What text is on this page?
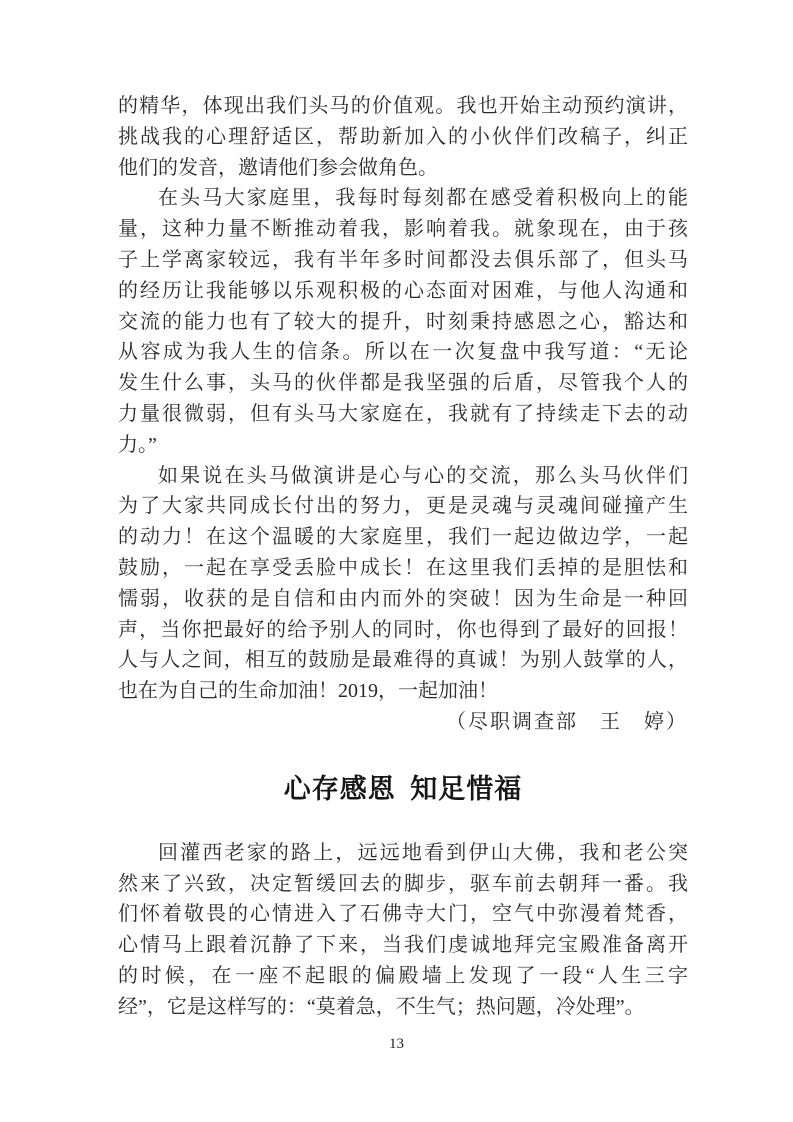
的精华，体现出我们头马的价值观。我也开始主动预约演讲，
挑战我的心理舒适区，帮助新加入的小伙伴们改稿子，纠正
他们的发音，邀请他们参会做角色。
在头马大家庭里，我每时每刻都在感受着积极向上的能
量，这种力量不断推动着我，影响着我。就象现在，由于孩
子上学离家较远，我有半年多时间都没去俱乐部了，但头马
的经历让我能够以乐观积极的心态面对困难，与他人沟通和
交流的能力也有了较大的提升，时刻秉持感恩之心，豁达和
从容成为我人生的信条。所以在一次复盘中我写道：“无论
发生什么事，头马的伙伴都是我坚强的后盾，尽管我个人的
力量很微弱，但有头马大家庭在，我就有了持续走下去的动
力。”
如果说在头马做演讲是心与心的交流，那么头马伙伴们
为了大家共同成长付出的努力，更是灵魂与灵魂间碰撞产生
的动力！在这个温暖的大家庭里，我们一起边做边学，一起
鼓励，一起在享受丢脸中成长！在这里我们丢掉的是胆怯和
懦弱，收获的是自信和由内而外的突破！因为生命是一种回
声，当你把最好的给予别人的同时，你也得到了最好的回报！
人与人之间，相互的鼓励是最难得的真诚！为别人鼓掌的人，
也在为自己的生命加油！2019，一起加油！
（尽职调查部　王　婷）
心存感恩 知足惜福
回灌西老家的路上，远远地看到伊山大佛，我和老公突
然来了兴致，决定暂缓回去的脚步，驱车前去朝拜一番。我
们怀着敬畏的心情进入了石佛寺大门，空气中弥漫着梵香，
心情马上跟着沉静了下来，当我们虔诚地拜完宝殿准备离开
的时候，在一座不起眼的偏殿墙上发现了一段“人生三字
经”，它是这样写的：“莫着急，不生气；热问题，冷处理”。
13
